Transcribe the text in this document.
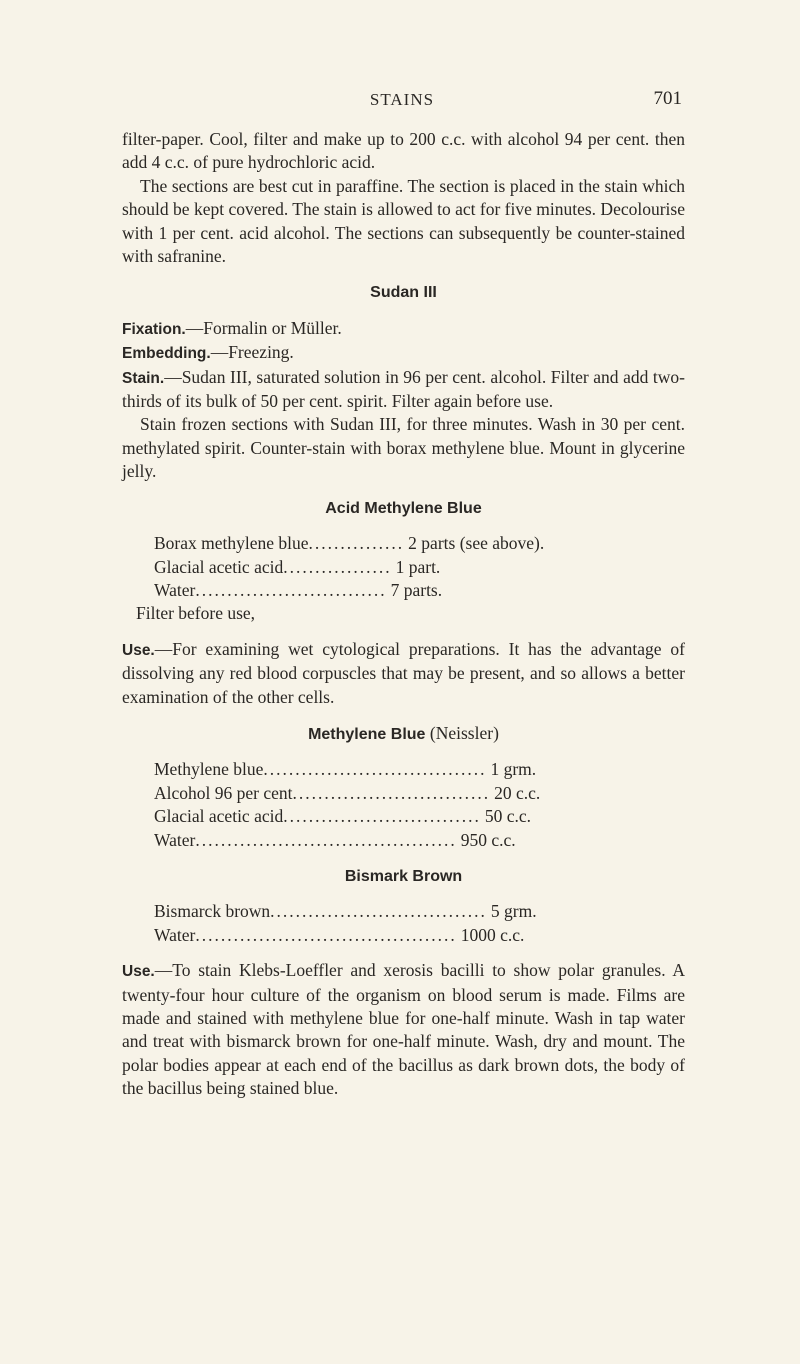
STAINS	701

filter-paper. Cool, filter and make up to 200 c.c. with alcohol 94 per cent. then add 4 c.c. of pure hydrochloric acid.

The sections are best cut in paraffine. The section is placed in the stain which should be kept covered. The stain is allowed to act for five minutes. Decolourise with 1 per cent. acid alcohol. The sections can subsequently be counter-stained with safranine.

Sudan III

Fixation.—Formalin or Müller.

Embedding.—Freezing.

Stain.—Sudan III, saturated solution in 96 per cent. alcohol. Filter and add two-thirds of its bulk of 50 per cent. spirit. Filter again before use.

Stain frozen sections with Sudan III, for three minutes. Wash in 30 per cent. methylated spirit. Counter-stain with borax methylene blue. Mount in glycerine jelly.

Acid Methylene Blue
Borax methylene blue ............... 2 parts (see above).
Glacial acetic acid ................. 1 part.
Water .............................. 7 parts.

Filter before use,

Use.—For examining wet cytological preparations. It has the advantage of dissolving any red blood corpuscles that may be present, and so allows a better examination of the other cells.

Methylene Blue (Neissler)
Methylene blue ................................... 1 grm.
Alcohol 96 per cent ............................... 20 c.c.
Glacial acetic acid ............................... 50 c.c.
Water ......................................... 950 c.c.
Bismark Brown
Bismarck brown .................................. 5 grm.
Water ......................................... 1000 c.c.

Use.—To stain Klebs-Loeffler and xerosis bacilli to show polar granules. A twenty-four hour culture of the organism on blood serum is made. Films are made and stained with methylene blue for one-half minute. Wash in tap water and treat with bismarck brown for one-half minute. Wash, dry and mount. The polar bodies appear at each end of the bacillus as dark brown dots, the body of the bacillus being stained blue.
